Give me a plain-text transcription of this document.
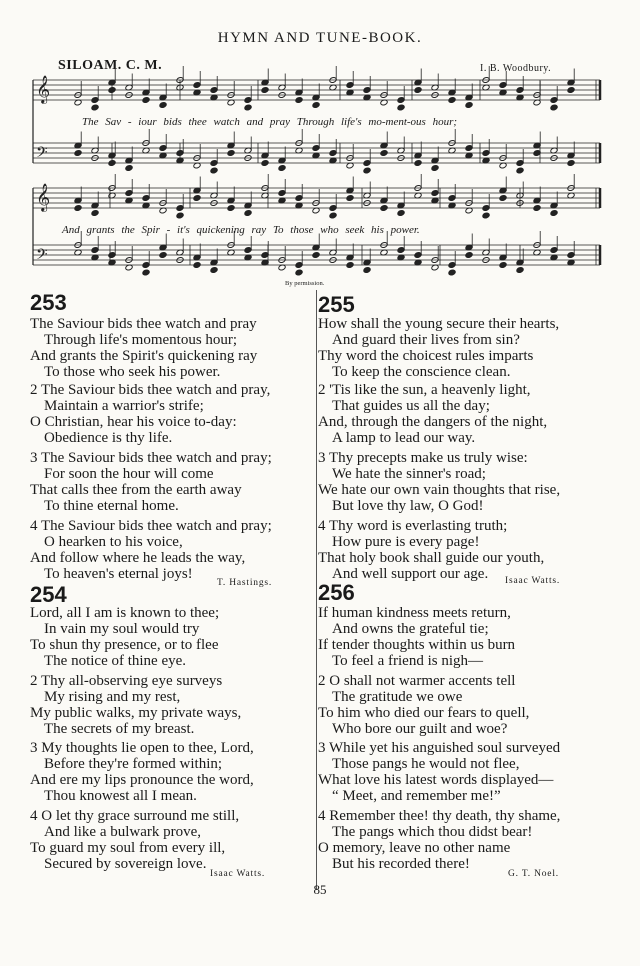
HYMN AND TUNE-BOOK.
SILOAM. C. M.	I. B. Woodbury.
𝄞
𝄢
𝄞
𝄢
The Sav - iour bids thee watch and pray Through life's mo-ment-ous hour;
And grants the Spir - it's quickening ray To those who seek his power.
By permission.
253
The Saviour bids thee watch and pray
Through life's momentous hour;
And grants the Spirit's quickening ray
To those who seek his power.
2 The Saviour bids thee watch and pray,
Maintain a warrior's strife;
O Christian, hear his voice to-day:
Obedience is thy life.
3 The Saviour bids thee watch and pray;
For soon the hour will come
That calls thee from the earth away
To thine eternal home.
4 The Saviour bids thee watch and pray;
O hearken to his voice,
And follow where he leads the way,
To heaven's eternal joys!
T. Hastings.
254
Lord, all I am is known to thee;
In vain my soul would try
To shun thy presence, or to flee
The notice of thine eye.
2 Thy all-observing eye surveys
My rising and my rest,
My public walks, my private ways,
The secrets of my breast.
3 My thoughts lie open to thee, Lord,
Before they're formed within;
And ere my lips pronounce the word,
Thou knowest all I mean.
4 O let thy grace surround me still,
And like a bulwark prove,
To guard my soul from every ill,
Secured by sovereign love.
Isaac Watts.
255
How shall the young secure their hearts,
And guard their lives from sin?
Thy word the choicest rules imparts
To keep the conscience clean.
2 'Tis like the sun, a heavenly light,
That guides us all the day;
And, through the dangers of the night,
A lamp to lead our way.
3 Thy precepts make us truly wise:
We hate the sinner's road;
We hate our own vain thoughts that rise,
But love thy law, O God!
4 Thy word is everlasting truth;
How pure is every page!
That holy book shall guide our youth,
And well support our age.	Isaac Watts.
256
If human kindness meets return,
And owns the grateful tie;
If tender thoughts within us burn
To feel a friend is nigh—
2 O shall not warmer accents tell
The gratitude we owe
To him who died our fears to quell,
Who bore our guilt and woe?
3 While yet his anguished soul surveyed
Those pangs he would not flee,
What love his latest words displayed—
“ Meet, and remember me!”
4 Remember thee! thy death, thy shame,
The pangs which thou didst bear!
O memory, leave no other name
But his recorded there!
G. T. Noel.
85
